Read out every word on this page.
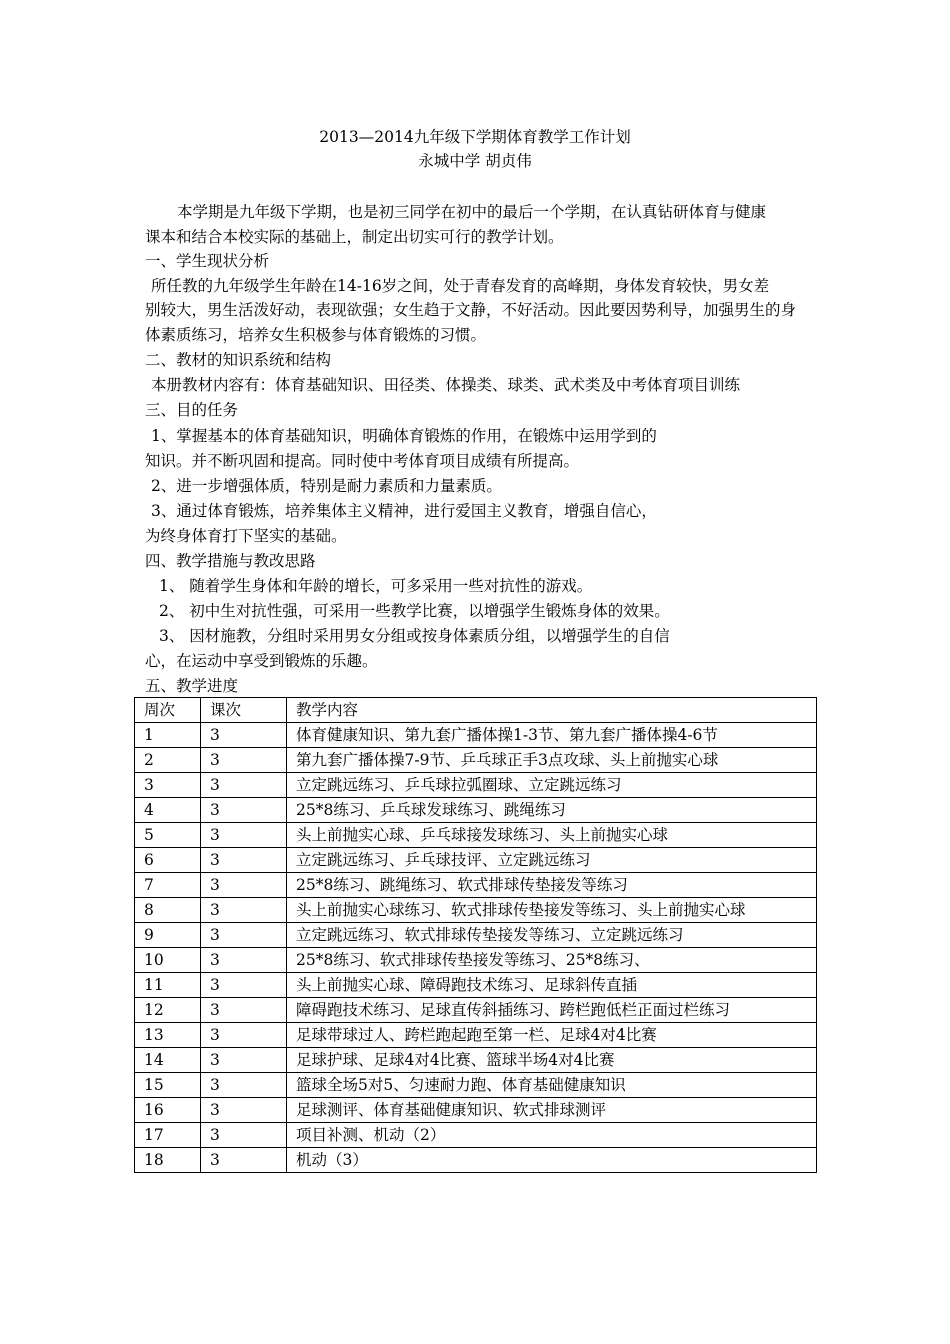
2013—2014九年级下学期体育教学工作计划
永城中学 胡贞伟
本学期是九年级下学期，也是初三同学在初中的最后一个学期，在认真钻研体育与健康
课本和结合本校实际的基础上，制定出切实可行的教学计划。
一、学生现状分析
所任教的九年级学生年龄在14-16岁之间，处于青春发育的高峰期，身体发育较快，男女差
别较大，男生活泼好动，表现欲强；女生趋于文静，不好活动。因此要因势利导，加强男生的身
体素质练习，培养女生积极参与体育锻炼的习惯。
二、教材的知识系统和结构
本册教材内容有：体育基础知识、田径类、体操类、球类、武术类及中考体育项目训练
三、目的任务
1、掌握基本的体育基础知识，明确体育锻炼的作用，在锻炼中运用学到的
知识。并不断巩固和提高。同时使中考体育项目成绩有所提高。
2、进一步增强体质，特别是耐力素质和力量素质。
3、通过体育锻炼，培养集体主义精神，进行爱国主义教育，增强自信心，
为终身体育打下坚实的基础。
四、教学措施与教改思路
1、 随着学生身体和年龄的增长，可多采用一些对抗性的游戏。
2、 初中生对抗性强，可采用一些教学比赛，以增强学生锻炼身体的效果。
3、 因材施教，分组时采用男女分组或按身体素质分组，以增强学生的自信
心，在运动中享受到锻炼的乐趣。
五、教学进度
周次	课次	教学内容
1	3	体育健康知识、第九套广播体操1-3节、第九套广播体操4-6节
2	3	第九套广播体操7-9节、乒乓球正手3点攻球、头上前抛实心球
3	3	立定跳远练习、乒乓球拉弧圈球、立定跳远练习
4	3	25*8练习、乒乓球发球练习、跳绳练习
5	3	头上前抛实心球、乒乓球接发球练习、头上前抛实心球
6	3	立定跳远练习、乒乓球技评、立定跳远练习
7	3	25*8练习、跳绳练习、软式排球传垫接发等练习
8	3	头上前抛实心球练习、软式排球传垫接发等练习、头上前抛实心球
9	3	立定跳远练习、软式排球传垫接发等练习、立定跳远练习
10	3	25*8练习、软式排球传垫接发等练习、25*8练习、
11	3	头上前抛实心球、障碍跑技术练习、足球斜传直插
12	3	障碍跑技术练习、足球直传斜插练习、跨栏跑低栏正面过栏练习
13	3	足球带球过人、跨栏跑起跑至第一栏、足球4对4比赛
14	3	足球护球、足球4对4比赛、篮球半场4对4比赛
15	3	篮球全场5对5、匀速耐力跑、体育基础健康知识
16	3	足球测评、体育基础健康知识、软式排球测评
17	3	项目补测、机动（2）
18	3	机动（3）
